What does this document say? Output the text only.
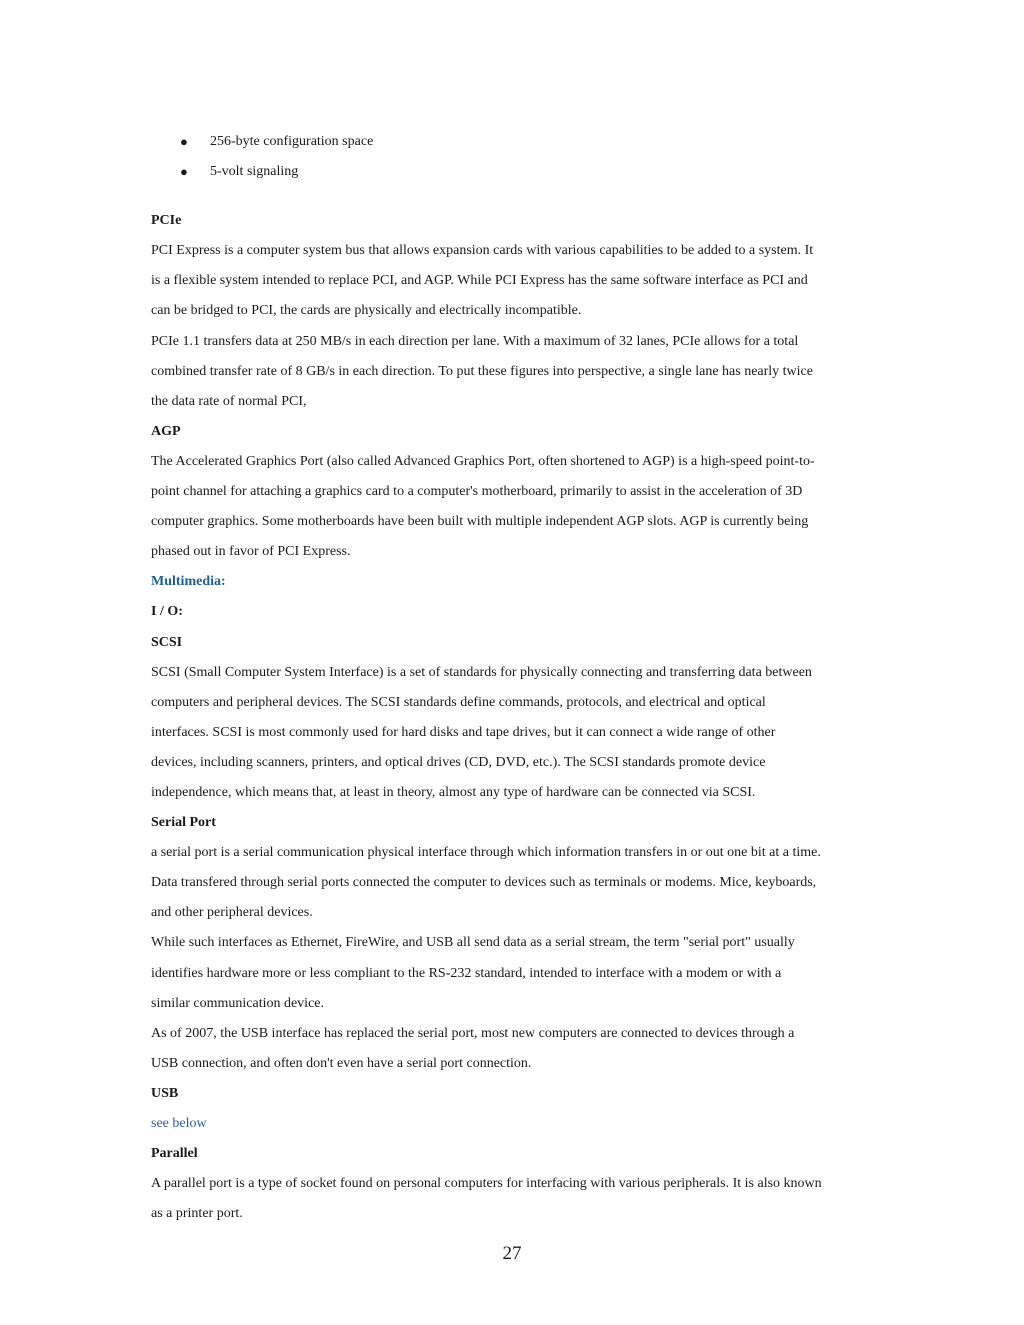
● 256-byte configuration space
● 5-volt signaling
PCIe
PCI Express is a computer system bus that allows expansion cards with various capabilities to be added to a system. It
is a flexible system intended to replace PCI, and AGP. While PCI Express has the same software interface as PCI and
can be bridged to PCI, the cards are physically and electrically incompatible.
PCIe 1.1 transfers data at 250 MB/s in each direction per lane. With a maximum of 32 lanes, PCIe allows for a total
combined transfer rate of 8 GB/s in each direction. To put these figures into perspective, a single lane has nearly twice
the data rate of normal PCI,
AGP
The Accelerated Graphics Port (also called Advanced Graphics Port, often shortened to AGP) is a high-speed point-to-
point channel for attaching a graphics card to a computer's motherboard, primarily to assist in the acceleration of 3D
computer graphics. Some motherboards have been built with multiple independent AGP slots. AGP is currently being
phased out in favor of PCI Express.
Multimedia:
I / O:
SCSI
SCSI (Small Computer System Interface) is a set of standards for physically connecting and transferring data between
computers and peripheral devices. The SCSI standards define commands, protocols, and electrical and optical
interfaces. SCSI is most commonly used for hard disks and tape drives, but it can connect a wide range of other
devices, including scanners, printers, and optical drives (CD, DVD, etc.). The SCSI standards promote device
independence, which means that, at least in theory, almost any type of hardware can be connected via SCSI.
Serial Port
a serial port is a serial communication physical interface through which information transfers in or out one bit at a time.
Data transfered through serial ports connected the computer to devices such as terminals or modems. Mice, keyboards,
and other peripheral devices.
While such interfaces as Ethernet, FireWire, and USB all send data as a serial stream, the term "serial port" usually
identifies hardware more or less compliant to the RS-232 standard, intended to interface with a modem or with a
similar communication device.
As of 2007, the USB interface has replaced the serial port, most new computers are connected to devices through a
USB connection, and often don't even have a serial port connection.
USB
see below
Parallel
A parallel port is a type of socket found on personal computers for interfacing with various peripherals. It is also known
as a printer port.
27
